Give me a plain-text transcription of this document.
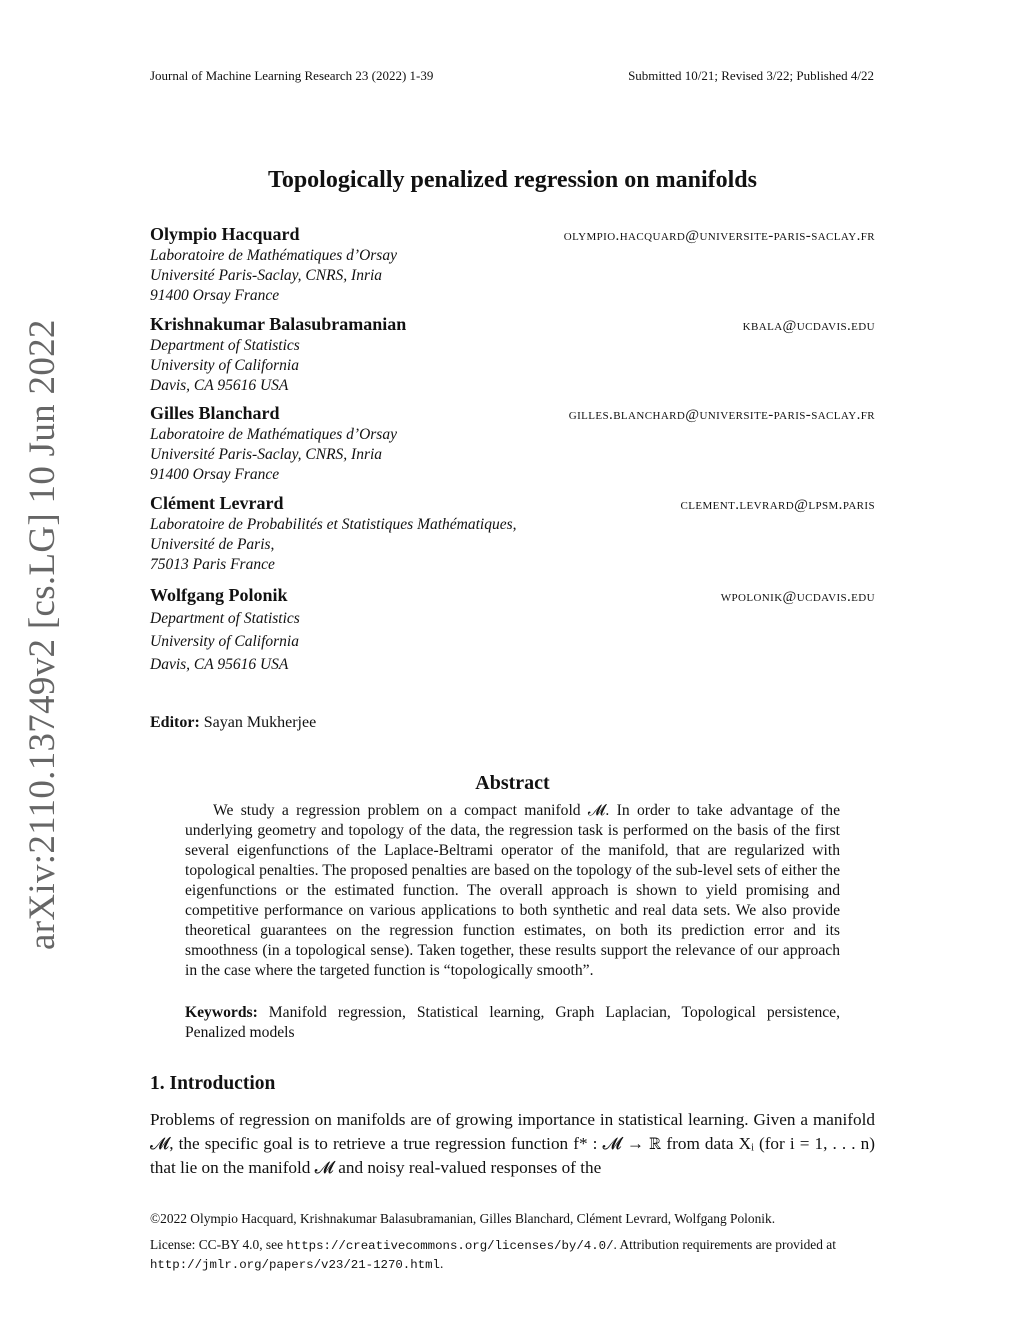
Journal of Machine Learning Research 23 (2022) 1-39	Submitted 10/21; Revised 3/22; Published 4/22
arXiv:2110.13749v2 [cs.LG] 10 Jun 2022
Topologically penalized regression on manifolds
Olympio Hacquard	olympio.hacquard@universite-paris-saclay.fr
Laboratoire de Mathématiques d’Orsay
Université Paris-Saclay, CNRS, Inria
91400 Orsay France
Krishnakumar Balasubramanian	kbala@ucdavis.edu
Department of Statistics
University of California
Davis, CA 95616 USA
Gilles Blanchard	gilles.blanchard@universite-paris-saclay.fr
Laboratoire de Mathématiques d’Orsay
Université Paris-Saclay, CNRS, Inria
91400 Orsay France
Clément Levrard	clement.levrard@lpsm.paris
Laboratoire de Probabilités et Statistiques Mathématiques,
Université de Paris,
75013 Paris France
Wolfgang Polonik	wpolonik@ucdavis.edu
Department of Statistics
University of California
Davis, CA 95616 USA
Editor: Sayan Mukherjee
Abstract
We study a regression problem on a compact manifold 𝓜. In order to take advantage of the underlying geometry and topology of the data, the regression task is performed on the basis of the first several eigenfunctions of the Laplace-Beltrami operator of the manifold, that are regularized with topological penalties. The proposed penalties are based on the topology of the sub-level sets of either the eigenfunctions or the estimated function. The overall approach is shown to yield promising and competitive performance on various applications to both synthetic and real data sets. We also provide theoretical guarantees on the regression function estimates, on both its prediction error and its smoothness (in a topological sense). Taken together, these results support the relevance of our approach in the case where the targeted function is “topologically smooth”.
Keywords: Manifold regression, Statistical learning, Graph Laplacian, Topological persistence, Penalized models
1. Introduction
Problems of regression on manifolds are of growing importance in statistical learning. Given a manifold 𝓜, the specific goal is to retrieve a true regression function f* : 𝓜 → ℝ from data Xᵢ (for i = 1, . . . n) that lie on the manifold 𝓜 and noisy real-valued responses of the
©2022 Olympio Hacquard, Krishnakumar Balasubramanian, Gilles Blanchard, Clément Levrard, Wolfgang Polonik.
License: CC-BY 4.0, see https://creativecommons.org/licenses/by/4.0/. Attribution requirements are provided at http://jmlr.org/papers/v23/21-1270.html.
